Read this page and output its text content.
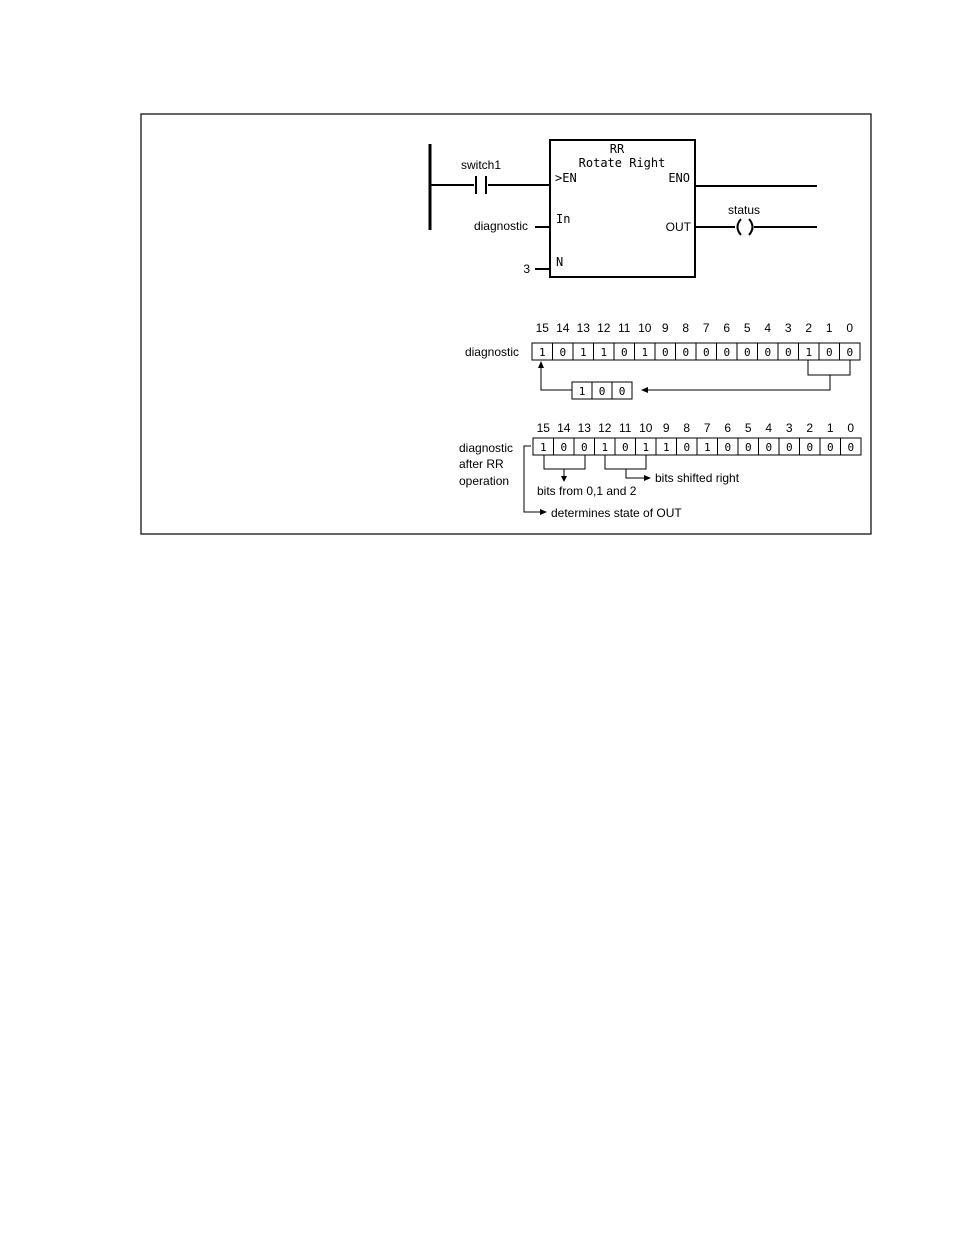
switch1
RR
Rotate Right
>EN
In
N
ENO
OUT
diagnostic
3
status
15 14 13 12 11 10 9 8 7 6 5 4 3 2 1 0
diagnostic 1 0 1 1 0 1 0 0 0 0 0 0 0 1 0 0
1 0 0
15 14 13 12 11 10 9 8 7 6 5 4 3 2 1 0
diagnostic
after RR
operation
1 0 0 1 0 1 1 0 1 0 0 0 0 0 0 0
bits from 0,1 and 2
bits shifted right
determines state of OUT
